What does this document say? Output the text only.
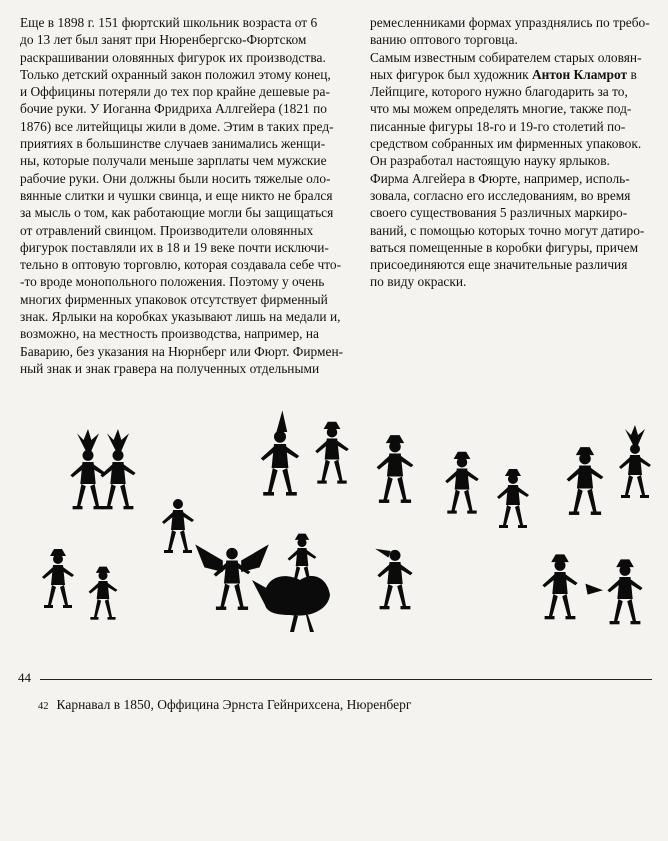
Еще в 1898 г. 151 фюртский школьник возраста от 6

до 13 лет был занят при Нюренбергско-Фюртском

раскрашивании оловянных фигурок их производства.

Только детский охранный закон положил этому конец,

и Оффицины потеряли до тех пор крайне дешевые ра-

бочие руки. У Иоганна Фридриха Аллгейера (1821 по

1876) все литейщицы жили в доме. Этим в таких пред-

приятиях в большинстве случаев занимались женщи-

ны, которые получали меньше зарплаты чем мужские

рабочие руки. Они должны были носить тяжелые оло-

вянные слитки и чушки свинца, и еще никто не брался

за мысль о том, как работающие могли бы защищаться

от отравлений свинцом. Производители оловянных

фигурок поставляли их в 18 и 19 веке почти исключи-

тельно в оптовую торговлю, которая создавала себе что-

-то вроде монопольного положения. Поэтому у очень

многих фирменных упаковок отсутствует фирменный

знак. Ярлыки на коробках указывают лишь на медали и,

возможно, на местность производства, например, на

Баварию, без указания на Нюрнберг или Фюрт. Фирмен-

ный знак и знак гравера на полученных отдельными

ремесленниками формах упразднялись по требо-

ванию оптового торговца.

Самым известным собирателем старых оловян-

ных фигурок был художник Антон Кламрот в

Лейпциге, которого нужно благодарить за то,

что мы можем определять многие, также под-

писанные фигуры 18-го и 19-го столетий по-

средством собранных им фирменных упаковок.

Он разработал настоящую науку ярлыков.

Фирма Алгейера в Фюрте, например, исполь-

зовала, согласно его исследованиям, во время

своего существования 5 различных маркиро-

ваний, с помощью которых точно могут датиро-

ваться помещенные в коробки фигуры, причем

присоединяются еще значительные различия

по виду окраски.

44
42 Карнавал в 1850, Оффицина Эрнста Гейнрихсена, Нюренберг
